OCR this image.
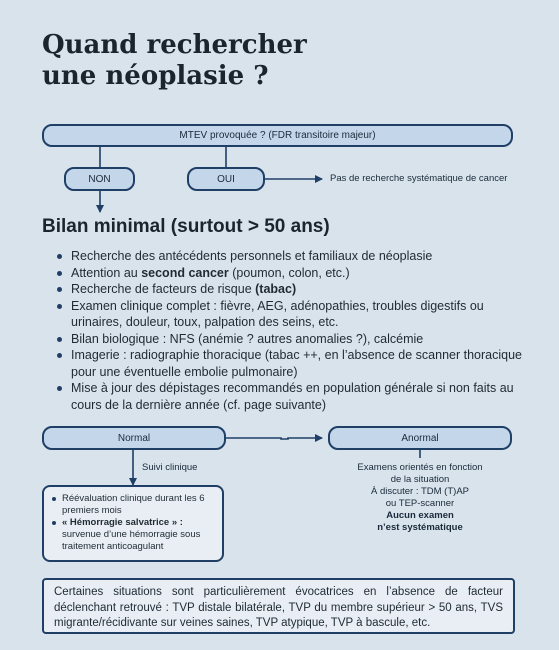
Quand rechercher
une néoplasie ?
MTEV provoquée ? (FDR transitoire majeur)
NON	OUI	Pas de recherche systématique de cancer
Bilan minimal (surtout > 50 ans)
Recherche des antécédents personnels et familiaux de néoplasie
Attention au second cancer (poumon, colon, etc.)
Recherche de facteurs de risque (tabac)
Examen clinique complet : fièvre, AEG, adénopathies, troubles digestifs ou urinaires, douleur, toux, palpation des seins, etc.
Bilan biologique : NFS (anémie ? autres anomalies ?), calcémie
Imagerie : radiographie thoracique (tabac ++, en l’absence de scanner thoracique pour une éventuelle embolie pulmonaire)
Mise à jour des dépistages recommandés en population générale si non faits au cours de la dernière année (cf. page suivante)
Normal
Suivi clinique
Réévaluation clinique durant les 6 premiers mois
« Hémorragie salvatrice » : survenue d’une hémorragie sous traitement anticoagulant
Anormal
Examens orientés en fonction
de la situation
À discuter : TDM (T)AP
ou TEP-scanner
Aucun examen
n’est systématique

Certaines situations sont particulièrement évocatrices en l’absence de facteur déclenchant retrouvé : TVP distale bilatérale, TVP du membre supérieur > 50 ans, TVS migrante/récidivante sur veines saines, TVP atypique, TVP à bascule, etc.
